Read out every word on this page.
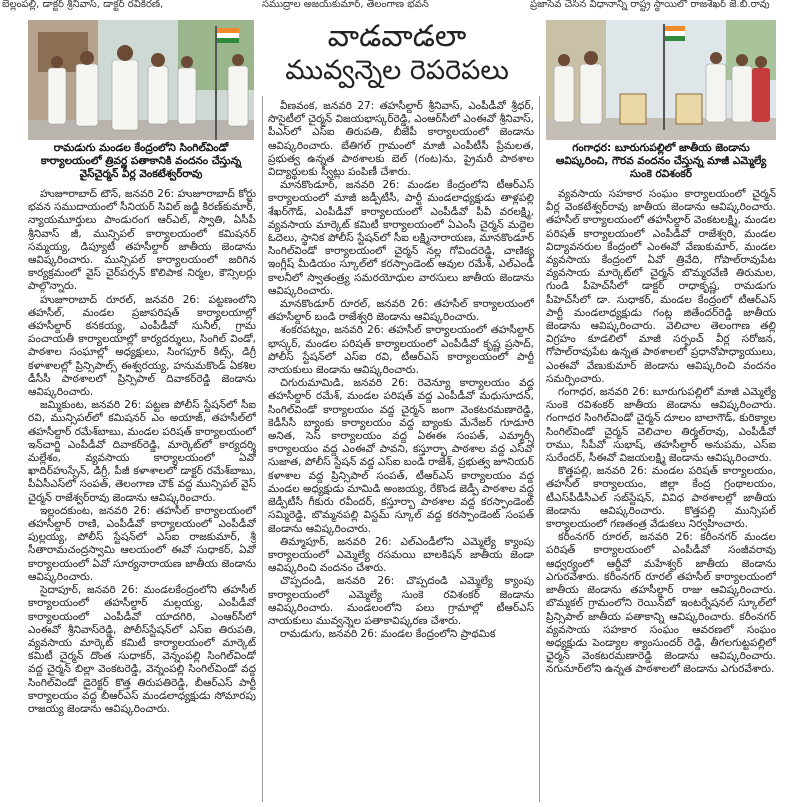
బెల్లంపల్లి, డాక్టర్ శ్రీనివాస్, డాక్టర్ రవికిరణ్,	సముద్రాల అజయ్‌కుమార్, తెలంగాణ భవన్	ప్రజాసేవ చేసిన విధానాన్ని రాష్ట్ర స్థాయిలో రాజశేఖర్ జె.బి.రావు
రామడుగు మండల కేంద్రంలోని సింగిల్‌విండో కార్యాలయంలో త్రివర్ణ పతాకానికి వందనం చేస్తున్న వైస్‌చైర్మన్ వీర్ల వెంకటేశ్వర్‌రావు
గంగాధర: బూరుగుపల్లిలో జాతీయ జెండాను ఆవిష్కరించి, గౌరవ వందనం చేస్తున్న మాజీ ఎమ్మెల్యే సుంకె రవిశంకర్
వాడవాడలా
మువ్వన్నెల రెపరెపలు

హుజూరాబాద్ టౌన్, జనవరి 26: హుజూరాబాద్ కోర్టు భవన సముదాయంలో సీనియర్ సివిల్ జడ్జి కిరణ్‌కుమార్, న్యాయమూర్తులు పాండురంగ ఆర్ఎల్, స్వాతి, ఏసీపీ శ్రీనివాస్ జీ, మున్సిపల్ కార్యాలయంలో కమిషనర్ సమ్మయ్య, డిప్యూటీ తహసీల్దార్ జాతీయ జెండాను ఆవిష్కరించారు. మున్సిపల్ కార్యాలయంలో జరిగిన కార్యక్రమంలో వైస్ చైర్‌పర్సన్ కొలిపాక నిర్మల, కౌన్సిలర్లు పాల్గొన్నారు.

హుజూరాబాద్ రూరల్, జనవరి 26: పట్టణంలోని తహసీల్, మండల ప్రజాపరిషత్ కార్యాలయాల్లో తహసీల్దార్ కనకయ్య, ఎంపీడీవో సునీల్, గ్రామ పంచాయతీ కార్యాలయాల్లో కార్యదర్శులు, సింగిల్ విండో, పాఠశాల సంఘాల్లో అధ్యక్షులు, సింగపూర్ కిట్స్, డిగ్రీ కళాశాలల్లో ప్రిన్సిపాల్స్ ఈశ్వరయ్య, హనుమకొండ్ ఏకశిల డీసీసీ పాఠశాలలో ప్రిన్సిపాల్ దివాకర్‌రెడ్డి జెండాను ఆవిష్కరించారు.

జమ్మికుంట, జనవరి 26: పట్టణ పోలీస్ స్టేషన్‌లో సీఐ రవి, మున్సిపల్‌లో కమిషనర్ ఎం అయాజ్, తహసీల్‌లో తహసీల్దార్ రమేశ్‌బాబు, మండల పరిషత్ కార్యాలయంలో ఇన్‌చార్జి ఎంపీడీవో దివాకర్‌రెడ్డి, మార్కెట్‌లో కార్యదర్శి మల్లేశం, వ్యవసాయ కార్యాలయంలో ఏవో ఖాదిర్‌హుస్సేన్, డిగ్రీ, పీజీ కళాశాలలో డాక్టర్ రమేశ్‌బాబు, పీఏసీఎస్‌లో సంపత్, తెలంగాణ చౌక్ వద్ద మున్సిపల్ వైస్ చైర్మన్ రాజేశ్వర్‌రావు జెండాను ఆవిష్కరించారు.

ఇల్లందకుంట, జనవరి 26: తహసీల్ కార్యాలయంలో తహసీల్దార్ రాణి, ఎంపీడీవో కార్యాలయంలో ఎంపీడీవో పుల్లయ్య, పోలీస్ స్టేషన్‌లో ఎస్ఐ రాజకుమార్, శ్రీ సీతారామచంద్రస్వామి ఆలయంలో ఈవో సుధాకర్, ఏవో కార్యాలయంలో ఏవో సూర్యనారాయణ జాతీయ జెండాను ఆవిష్కరించారు.

సైదాపూర్, జనవరి 26: మండలకేంద్రంలోని తహసీల్ కార్యాలయంలో తహసీల్దార్ మల్లయ్య, ఎంపీడీవో కార్యాలయంలో ఎంపీడీవో యాదగిరి, ఎంఆర్‌సీలో ఎంఈవో శ్రీనివాస్‌రెడ్డి, పోలీస్‌స్టేషన్‌లో ఎస్ఐ తిరుపతి, వ్యవసాయ మార్కెట్ కమిటీ కార్యాలయంలో మార్కెట్ కమిటీ చైర్మన్ దొంత సుధాకర్, వెన్నంపల్లి సింగిల్‌విండో వద్ద చైర్మన్ బిల్లా వెంకటరెడ్డి, వెన్నంపల్లి సింగిల్‌విండో వద్ద సింగిల్‌విండో డైరెక్టర్ కొత్త తిరుపతిరెడ్డి, బీఆర్ఎస్ పార్టీ కార్యాలయం వద్ద బీఆర్ఎస్ మండలాధ్యక్షుడు సోమారపు రాజయ్య జెండాను ఆవిష్కరించారు.

వీణవంక, జనవరి 27: తహసీల్దార్ శ్రీనివాస్, ఎంపీడీవో శ్రీధర్, సొసైటీలో చైర్మన్ విజయభాస్కర్‌రెడ్డి, ఎంఆర్‌సీలో ఎంఈవో శ్రీనివాస్, పీఎస్‌లో ఎస్ఐ తిరుపతి, బీజేపీ కార్యాలయంలో జెండాను ఆవిష్కరించారు. బేతిగల్ గ్రామంలో మాజీ ఎంపీటీసీ ప్రేమలత, ప్రభుత్వ ఉన్నత పాఠశాలకు బెల్ (గంట)ను, ప్రైమరీ పాఠశాల విద్యార్థులకు స్వీట్లు పంపిణీ చేశారు.

మానకొండూర్, జనవరి 26: మండల కేంద్రంలోని టీఆర్ఎస్ కార్యాలయంలో మాజీ జడ్పీటీసీ, పార్టీ మండలాధ్యక్షుడు తాళ్లపల్లి శేఖర్‌గౌడ్, ఎంపీడీవో కార్యాలయంలో ఎంపీడీవో పీవీ వరలక్ష్మి, వ్యవసాయ మార్కెట్ కమిటీ కార్యాలయంలో ఏఎంసీ చైర్మన్ మద్దెల ఓదెలు, స్థానిక పోలీస్ స్టేషన్‌లో సీఐ లక్ష్మినారాయణ, మానకొండూర్ సింగిల్‌విండో కార్యాలయంలో చైర్మన్ నల్ల గోవిందరెడ్డి, చాణిక్య ఇంగ్లీష్ మీడియం స్కూల్‌లో కరస్పాండెంట్ ఆవుల రమేశ్, ఎల్ఎండీ కాలనీలో స్వాతంత్ర్య సమరయోధుల వారసులు జాతీయ జెండాను ఆవిష్కరించారు.

మానకొండూర్ రూరల్, జనవరి 26: తహసీల్ కార్యాలయంలో తహసీల్దార్ బండి రాజేశ్వరి జెండాను ఆవిష్కరించారు.

శంకరపట్నం, జనవరి 26: తహసీల్ కార్యాలయంలో తహసీల్దార్ భాస్కర్, మండల పరిషత్ కార్యాలయంలో ఎంపీడీవో కృష్ణ ప్రసాద్, పోలీస్ స్టేషన్‌లో ఎస్ఐ రవి, టీఆర్ఎస్ కార్యాలయంలో పార్టీ నాయకులు జెండాను ఆవిష్కరించారు.

చిగురుమామిడి, జనవరి 26: రెవెన్యూ కార్యాలయం వద్ద తహసీల్దార్ రమేశ్, మండల పరిషత్ వద్ద ఎంపీడీవో మధుసూదన్, సింగిల్‌విండో కార్యాలయం వద్ద చైర్మన్ జంగా వెంకటరమణారెడ్డి, కెడీసీసీ బ్యాంకు కార్యాలయం వద్ద బ్యాంకు మేనేజర్ గూడూరి అనిత, సెస్ కార్యాలయం వద్ద ఏఈఈ సంపత్, ఎమ్మార్సీ కార్యాలయం వద్ద ఎంఈవో పావని, కస్తూర్బా పాఠశాల వద్ద ఎస్‌వో సుజాత, పోలీస్ స్టేషన్ వద్ద ఎస్ఐ బండి రాజేశ్, ప్రభుత్వ జూనియర్ కళాశాల వద్ద ప్రిన్సిపాల్ సంపత్, టీఆర్ఎస్ కార్యాలయం వద్ద మండల అధ్యక్షుడు మామిడి అంజయ్య, రేకొండ జెడ్పీ పాఠశాల వద్ద జెడ్పీటీసీ గీకురు రవీందర్, కస్తూర్బా పాఠశాల వద్ద కరస్పాండెంట్ సమ్మిరెడ్డి, బొమ్మనపల్లి విస్టమ్ స్కూల్ వద్ద కరస్పాండెంట్ సంపత్ జెండాను ఆవిష్కరించారు.

తిమ్మాపూర్, జనవరి 26: ఎల్ఎండీలోని ఎమ్మెల్యే క్యాంపు కార్యాలయంలో ఎమ్మెల్యే రసమయి బాలకిషన్ జాతీయ జెండా ఆవిష్కరించి వందనం చేశారు.

చొప్పదండి, జనవరి 26: చొప్పదండి ఎమ్మెల్యే క్యాంపు కార్యాలయంలో ఎమ్మెల్యే సుంకె రవిశంకర్ జెండాను ఆవిష్కరించారు. మండలంలోని పలు గ్రామాల్లో టీఆర్ఎస్ నాయకులు మువ్వన్నెల పతాకావిష్కరణ చేశారు.

రామడుగు, జనవరి 26: మండల కేంద్రంలోని ప్రాథమిక

వ్యవసాయ సహకార సంఘం కార్యాలయంలో చైర్మన్ వీర్ల వెంకటేశ్వర్‌రావు జాతీయ జెండాను ఆవిష్కరించారు. తహసీల్ కార్యాలయంలో తహసీల్దార్ వెంకటలక్ష్మి, మండల పరిషత్ కార్యాలయంలో ఎంపీడీవో రాజేశ్వరి, మండల విద్యావనరుల కేంద్రంలో ఎంఈవో వేణుకుమార్, మండల వ్యవసాయ కేంద్రంలో ఏవో త్రివేది, గోపాల్‌రావుపేట వ్యవసాయ మార్కెట్‌లో చైర్మన్ బొమ్మరవేణి తిరుమల, గుండి పీహెచ్‌సీలో డాక్టర్ రాధాకృష్ణ, రామడుగు పీహెచ్‌సీలో డా. సుధాకర్, మండల కేంద్రంలో టీఆర్ఎస్ పార్టీ మండలాధ్యక్షుడు గంట్ల జితేందర్‌రెడ్డి జాతీయ జెండాను ఆవిష్కరించారు. వెలిచాల తెలంగాణ తల్లి విగ్రహం కూడలిలో మాజీ సర్పంచ్ వీర్ల సరోజన, గోపాల్‌రావుపేట ఉన్నత పాఠశాలలో ప్రధానోపాధ్యాయులు, ఎంఈవో వేణుకుమార్ జెండాను ఆవిష్కరించి వందనం సమర్పించారు.

గంగాధర, జనవరి 26: బూరుగుపల్లిలో మాజీ ఎమ్మెల్యే సుంకె రవిశంకర్ జాతీయ జెండాను ఆవిష్కరించారు. గంగాధర సింగిల్‌విండో చైర్మన్ దూలం బాలాగౌడ్, కురిక్యాల సింగిల్‌విండో చైర్మన్ వెలిచాల తిర్మల్‌రావు, ఎంపీడీవో రాము, సీపీవో సుభాష్, తహసీల్దార్ అనుపమ, ఎస్ఐ సురేందర్, సీఈవో విజయలక్ష్మి జెండాను ఆవిష్కరించారు.

కొత్తపల్లి, జనవరి 26: మండల పరిషత్ కార్యాలయం, తహసీల్ కార్యాలయం, జిల్లా కేంద్ర గ్రంథాలయం, టీఎస్‌పీడీసీఎల్ సబ్‌స్టేషన్, వివిధ పాఠశాలల్లో జాతీయ జెండాను ఆవిష్కరించారు. కొత్తపల్లి మున్సిపల్ కార్యాలయంలో గణతంత్ర వేడుకలు నిర్వహించారు.

కరీంనగర్ రూరల్, జనవరి 26: కరీంనగర్ మండల పరిషత్ కార్యాలయంలో ఎంపీడీవో సంజీవరావు ఆధ్వర్యంలో ఆర్డీవో మహేశ్వర్ జాతీయ జెండాను ఎగురవేశారు. కరీంనగర్ రూరల్ తహసీల్ కార్యాలయంలో జాతీయ జెండాను తహసీల్దార్ రాజు ఆవిష్కరించారు. బొమ్మకల్ గ్రామంలోని రెయిన్‌బో ఇంటర్నేషనల్ స్కూల్‌లో ప్రిన్సిపాల్ జాతీయ పతాకాన్ని ఆవిష్కరించారు. కరీంనగర్ వ్యవసాయ సహకార సంఘం ఆవరణలో సంఘం అధ్యక్షుడు పెండ్యాల శ్యాంసుందర్ రెడ్డి, తీగలగుట్టపల్లిలో ఛైర్మన్ వెంకటరమణారెడ్డి జెండాను ఆవిష్కరించారు. నగునూర్‌లోని ఉన్నత పాఠశాలలో జెండాను ఎగురవేశారు.
